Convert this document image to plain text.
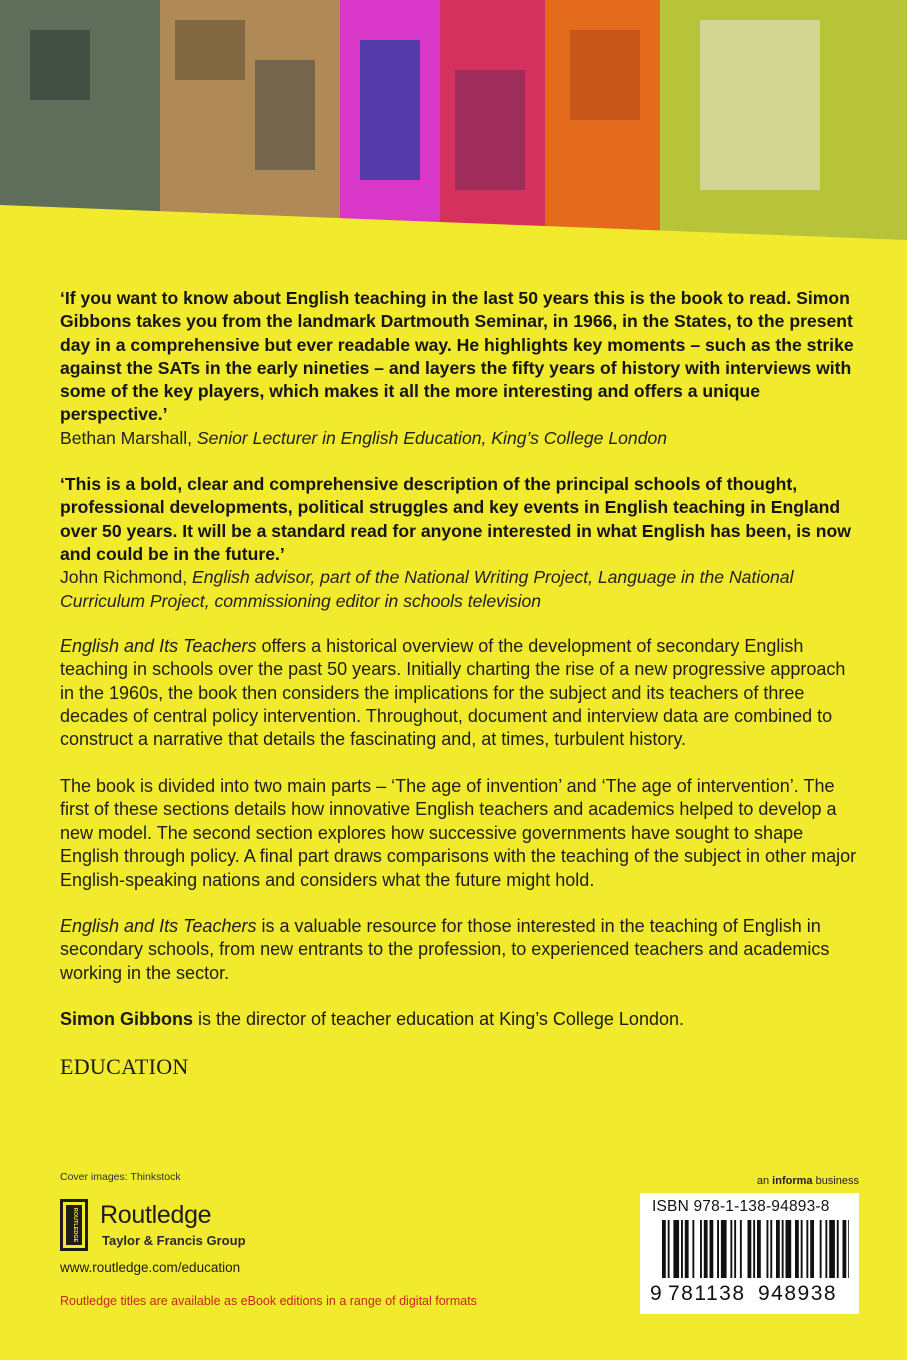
‘If you want to know about English teaching in the last 50 years this is the book to read. Simon Gibbons takes you from the landmark Dartmouth Seminar, in 1966, in the States, to the present day in a comprehensive but ever readable way. He highlights key moments – such as the strike against the SATs in the early nineties – and layers the fifty years of history with interviews with some of the key players, which makes it all the more interesting and offers a unique perspective.’

Bethan Marshall, Senior Lecturer in English Education, King’s College London

‘This is a bold, clear and comprehensive description of the principal schools of thought, professional developments, political struggles and key events in English teaching in England over 50 years. It will be a standard read for anyone interested in what English has been, is now and could be in the future.’

John Richmond, English advisor, part of the National Writing Project, Language in the National Curriculum Project, commissioning editor in schools television

English and Its Teachers offers a historical overview of the development of secondary English teaching in schools over the past 50 years. Initially charting the rise of a new progressive approach in the 1960s, the book then considers the implications for the subject and its teachers of three decades of central policy intervention. Throughout, document and interview data are combined to construct a narrative that details the fascinating and, at times, turbulent history.

The book is divided into two main parts – ‘The age of invention’ and ‘The age of intervention’. The first of these sections details how innovative English teachers and academics helped to develop a new model. The second section explores how successive governments have sought to shape English through policy. A final part draws comparisons with the teaching of the subject in other major English-speaking nations and considers what the future might hold.

English and Its Teachers is a valuable resource for those interested in the teaching of English in secondary schools, from new entrants to the profession, to experienced teachers and academics working in the sector.

Simon Gibbons is the director of teacher education at King’s College London.

EDUCATION

Cover images: Thinkstock

ROUTLEDGE Routledge
Taylor & Francis Group
www.routledge.com/education
Routledge titles are available as eBook editions in a range of digital formats
an informa business
ISBN 978-1-138-94893-8
9 781138 948938
